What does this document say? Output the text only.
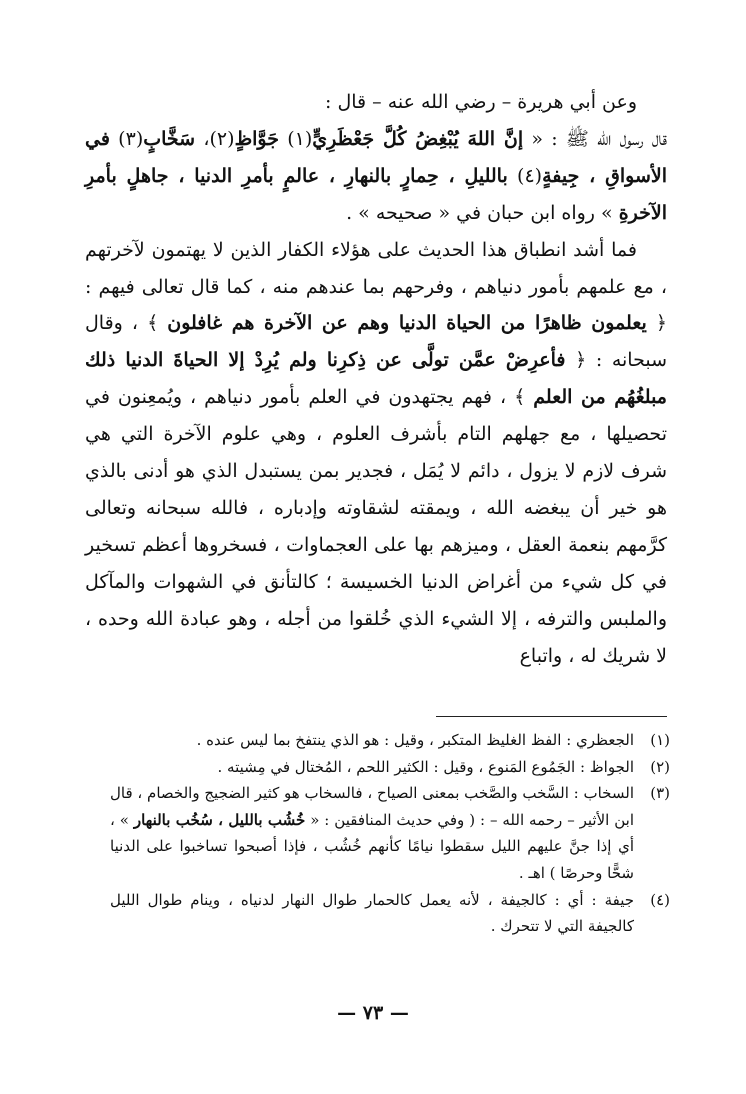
وعن أبي هريرة – رضي الله عنه – قال :
قال رسول الله ﷺ : « إنَّ اللهَ يُبْغِضُ كُلَّ جَعْظَرِيٍّ(١) جَوَّاظٍ(٢)، سَخَّابٍ(٣) في الأسواقِ ، جِيفةٍ(٤) بالليلِ ، حِمارٍ بالنهارِ ، عالمٍ بأمرِ الدنيا ، جاهلٍ بأمرِ الآخرةِ » رواه ابن حبان في « صحيحه » .

فما أشد انطباق هذا الحديث على هؤلاء الكفار الذين لا يهتمون لآخرتهم ، مع علمهم بأمور دنياهم ، وفرحهم بما عندهم منه ، كما قال تعالى فيهم : ﴿ يعلمون ظاهرًا من الحياة الدنيا وهم عن الآخرة هم غافلون ﴾ ، وقال سبحانه : ﴿ فأعرِضْ عمَّن تولَّى عن ذِكرِنا ولم يُرِدْ إلا الحياةَ الدنيا ذلك مبلغُهُم من العلم ﴾ ، فهم يجتهدون في العلم بأمور دنياهم ، ويُمعِنون في تحصيلها ، مع جهلهم التام بأشرف العلوم ، وهي علوم الآخرة التي هي شرف لازم لا يزول ، دائم لا يُمَل ، فجدير بمن يستبدل الذي هو أدنى بالذي هو خير أن يبغضه الله ، ويمقته لشقاوته وإدباره ، فالله سبحانه وتعالى كرَّمهم بنعمة العقل ، وميزهم بها على العجماوات ، فسخروها أعظم تسخير في كل شيء من أغراض الدنيا الخسيسة ؛ كالتأنق في الشهوات والمآكل والملبس والترفه ، إلا الشيء الذي خُلقوا من أجله ، وهو عبادة الله وحده ، لا شريك له ، واتباع

(١)
الجعظري : الفظ الغليظ المتكبر ، وقيل : هو الذي ينتفخ بما ليس عنده .
(٢)
الجواظ : الجَمُوع المَنوع ، وقيل : الكثير اللحم ، المُختال في مِشيته .
(٣)
السخاب : السَّخب والصَّخب بمعنى الصياح ، فالسخاب هو كثير الضجيج والخصام ، قال ابن الأثير – رحمه الله – : ( وفي حديث المنافقين : « خُشُب بالليل ، سُخُب بالنهار » ، أي إذا جنَّ عليهم الليل سقطوا نيامًا كأنهم خُشُب ، فإذا أصبحوا تساخبوا على الدنيا شحًّا وحرصًا ) اهـ .
(٤)
جيفة : أي : كالجيفة ، لأنه يعمل كالحمار طوال النهار لدنياه ، وينام طوال الليل كالجيفة التي لا تتحرك .
— ٧٣ —
